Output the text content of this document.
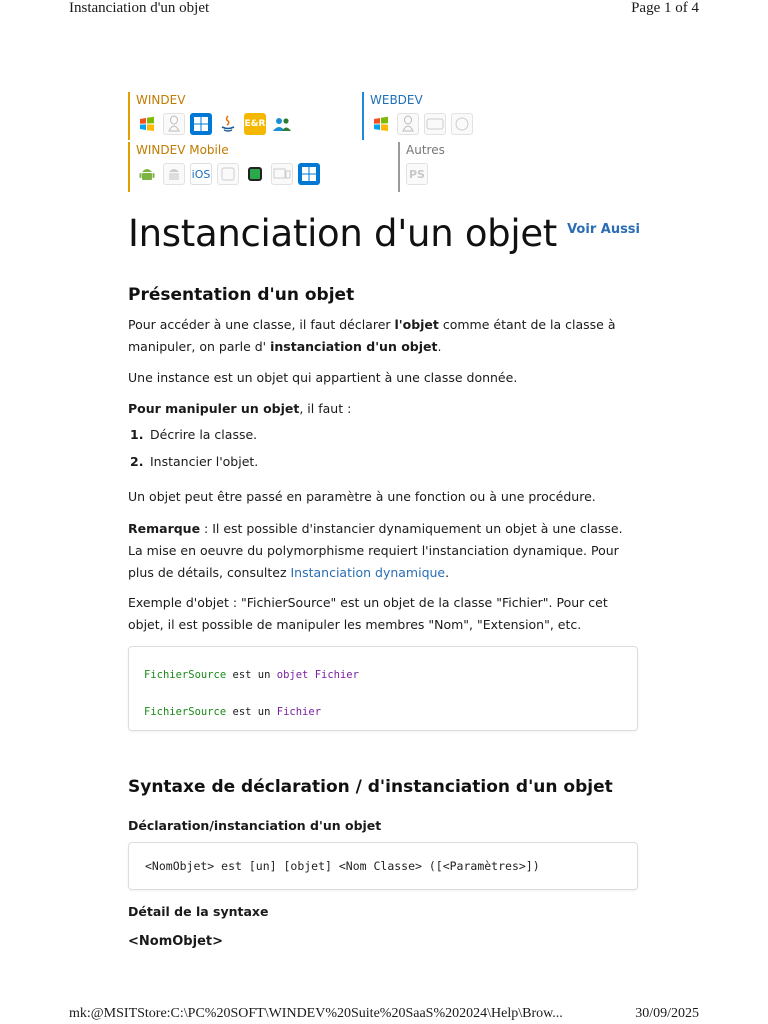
Instanciation d'un objet	Page 1 of 4
WINDEV
E&R
WEBDEV
WINDEV Mobile
iOS
Autres
PS
Instanciation d'un objet Voir Aussi
Présentation d'un objet

Pour accéder à une classe, il faut déclarer l'objet comme étant de la classe à manipuler, on parle d' instanciation d'un objet.

Une instance est un objet qui appartient à une classe donnée.

Pour manipuler un objet, il faut :

1. Décrire la classe.
2. Instancier l'objet.

Un objet peut être passé en paramètre à une fonction ou à une procédure.

Remarque : Il est possible d'instancier dynamiquement un objet à une classe. La mise en oeuvre du polymorphisme requiert l'instanciation dynamique. Pour plus de détails, consultez Instanciation dynamique.

Exemple d'objet : "FichierSource" est un objet de la classe "Fichier". Pour cet objet, il est possible de manipuler les membres "Nom", "Extension", etc.

FichierSource est un objet Fichier
FichierSource est un Fichier
Syntaxe de déclaration / d'instanciation d'un objet
Déclaration/instanciation d'un objet
<NomObjet> est [un] [objet] <Nom Classe> ([<Paramètres>])
Détail de la syntaxe
<NomObjet>
mk:@MSITStore:C:\PC%20SOFT\WINDEV%20Suite%20SaaS%202024\Help\Brow...	30/09/2025
